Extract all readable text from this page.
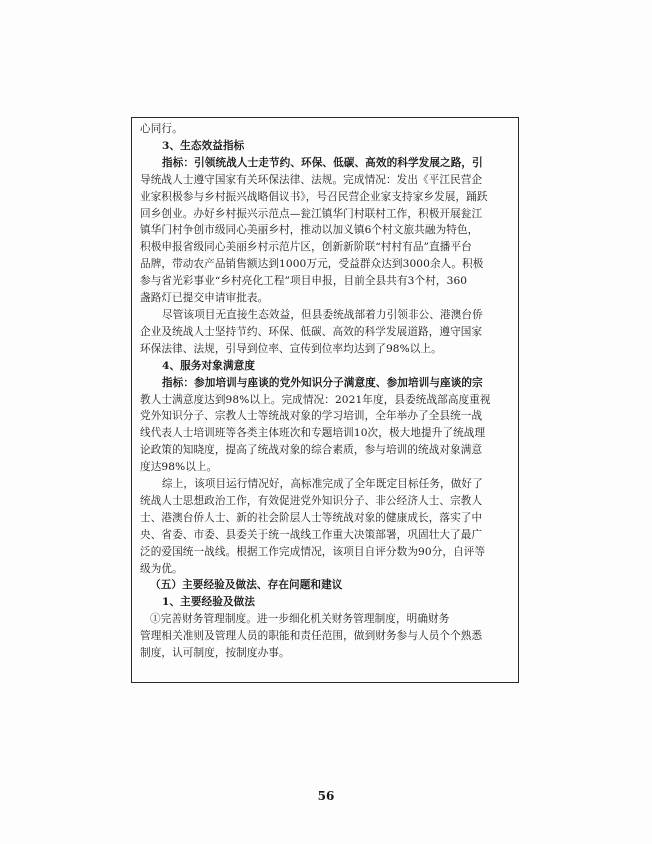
心同行。
3、生态效益指标
指标：引领统战人士走节约、环保、低碳、高效的科学发展之路，引
导统战人士遵守国家有关环保法律、法规。完成情况：发出《平江民营企
业家积极参与乡村振兴战略倡议书》，号召民营企业家支持家乡发展，踊跃
回乡创业。办好乡村振兴示范点—瓮江镇华门村联村工作，积极开展瓮江
镇华门村争创市级同心美丽乡村，推动以加义镇6个村文旅共融为特色，
积极申报省级同心美丽乡村示范片区，创新新阶联“村村有品”直播平台
品牌，带动农产品销售额达到1000万元，受益群众达到3000余人。积极
参与省光彩事业“乡村亮化工程”项目申报，目前全县共有3个村，360
盏路灯已提交申请审批表。
尽管该项目无直接生态效益，但县委统战部着力引领非公、港澳台侨
企业及统战人士坚持节约、环保、低碳、高效的科学发展道路，遵守国家
环保法律、法规，引导到位率、宣传到位率均达到了98%以上。
4、服务对象满意度
指标：参加培训与座谈的党外知识分子满意度、参加培训与座谈的宗
教人士满意度达到98%以上。完成情况：2021年度，县委统战部高度重视
党外知识分子、宗教人士等统战对象的学习培训，全年举办了全县统一战
线代表人士培训班等各类主体班次和专题培训10次，极大地提升了统战理
论政策的知晓度，提高了统战对象的综合素质，参与培训的统战对象满意
度达98%以上。
综上，该项目运行情况好，高标准完成了全年既定目标任务，做好了
统战人士思想政治工作，有效促进党外知识分子、非公经济人士、宗教人
士、港澳台侨人士、新的社会阶层人士等统战对象的健康成长，落实了中
央、省委、市委、县委关于统一战线工作重大决策部署，巩固壮大了最广
泛的爱国统一战线。根据工作完成情况，该项目自评分数为90分，自评等
级为优。
（五）主要经验及做法、存在问题和建议
1、主要经验及做法
①完善财务管理制度。进一步细化机关财务管理制度，明确财务
管理相关准则及管理人员的职能和责任范围，做到财务参与人员个个熟悉
制度，认可制度，按制度办事。
56
